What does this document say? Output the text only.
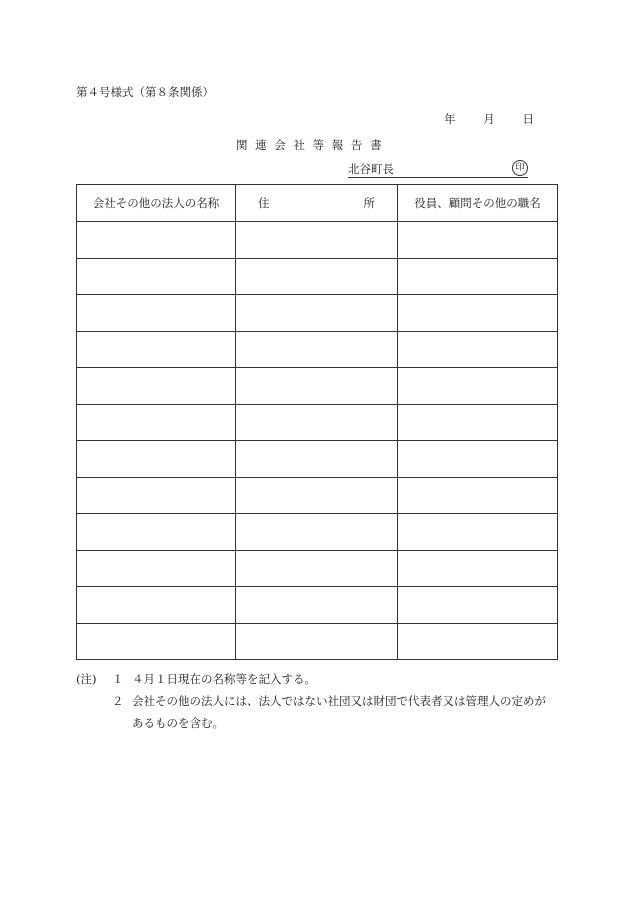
第４号様式（第８条関係）
年 月 日
関 連 会 社 等 報 告 書
北谷町長	印
会社その他の法人の名称	住 所	役員、顧問その他の職名

(注)	１ ４月１日現在の名称等を記入する。
２ 会社その他の法人には、法人ではない社団又は財団で代表者又は管理人の定めがあるものを含む。
